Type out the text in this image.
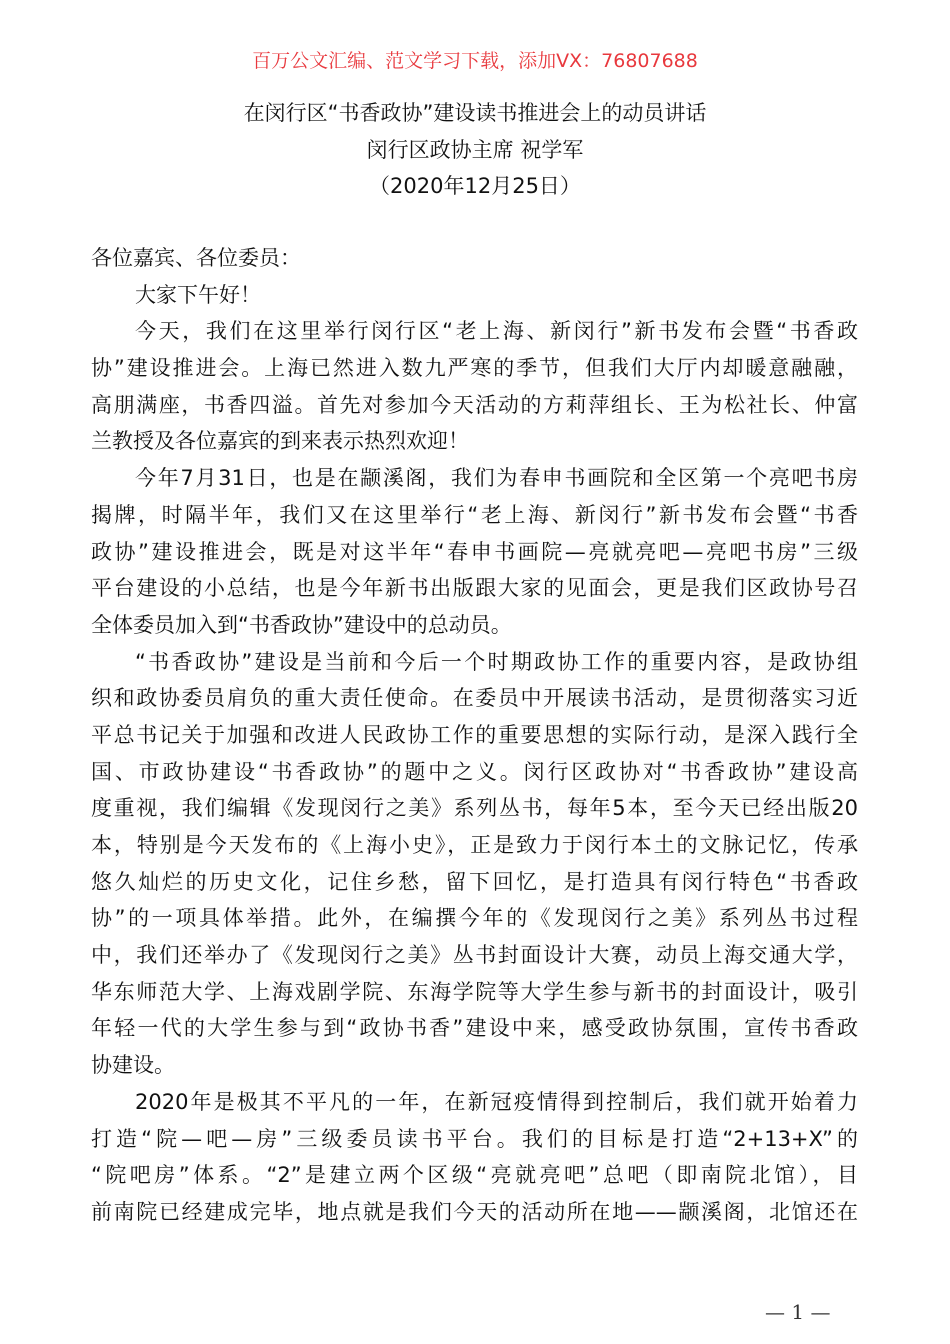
百万公文汇编、范文学习下载，添加VX：76807688
在闵行区“书香政协”建设读书推进会上的动员讲话
闵行区政协主席 祝学军
（2020年12月25日）
各位嘉宾、各位委员：
大家下午好！
今天，我们在这里举行闵行区“老上海、新闵行”新书发布会暨“书香政
协”建设推进会。上海已然进入数九严寒的季节，但我们大厅内却暖意融融，
高朋满座，书香四溢。首先对参加今天活动的方莉萍组长、王为松社长、仲富
兰教授及各位嘉宾的到来表示热烈欢迎！
今年7月31日，也是在颛溪阁，我们为春申书画院和全区第一个亮吧书房
揭牌，时隔半年，我们又在这里举行“老上海、新闵行”新书发布会暨“书香
政协”建设推进会，既是对这半年“春申书画院—亮就亮吧—亮吧书房”三级
平台建设的小总结，也是今年新书出版跟大家的见面会，更是我们区政协号召
全体委员加入到“书香政协”建设中的总动员。
“书香政协”建设是当前和今后一个时期政协工作的重要内容，是政协组
织和政协委员肩负的重大责任使命。在委员中开展读书活动，是贯彻落实习近
平总书记关于加强和改进人民政协工作的重要思想的实际行动，是深入践行全
国、市政协建设“书香政协”的题中之义。闵行区政协对“书香政协”建设高
度重视，我们编辑《发现闵行之美》系列丛书，每年5本，至今天已经出版20
本，特别是今天发布的《上海小史》，正是致力于闵行本土的文脉记忆，传承
悠久灿烂的历史文化，记住乡愁，留下回忆，是打造具有闵行特色“书香政
协”的一项具体举措。此外，在编撰今年的《发现闵行之美》系列丛书过程
中，我们还举办了《发现闵行之美》丛书封面设计大赛，动员上海交通大学，
华东师范大学、上海戏剧学院、东海学院等大学生参与新书的封面设计，吸引
年轻一代的大学生参与到“政协书香”建设中来，感受政协氛围，宣传书香政
协建设。
2020年是极其不平凡的一年，在新冠疫情得到控制后，我们就开始着力
打造“院—吧—房”三级委员读书平台。我们的目标是打造“2+13+X”的
“院吧房”体系。“2”是建立两个区级“亮就亮吧”总吧（即南院北馆），目
前南院已经建成完毕，地点就是我们今天的活动所在地——颛溪阁，北馆还在
— 1 —
